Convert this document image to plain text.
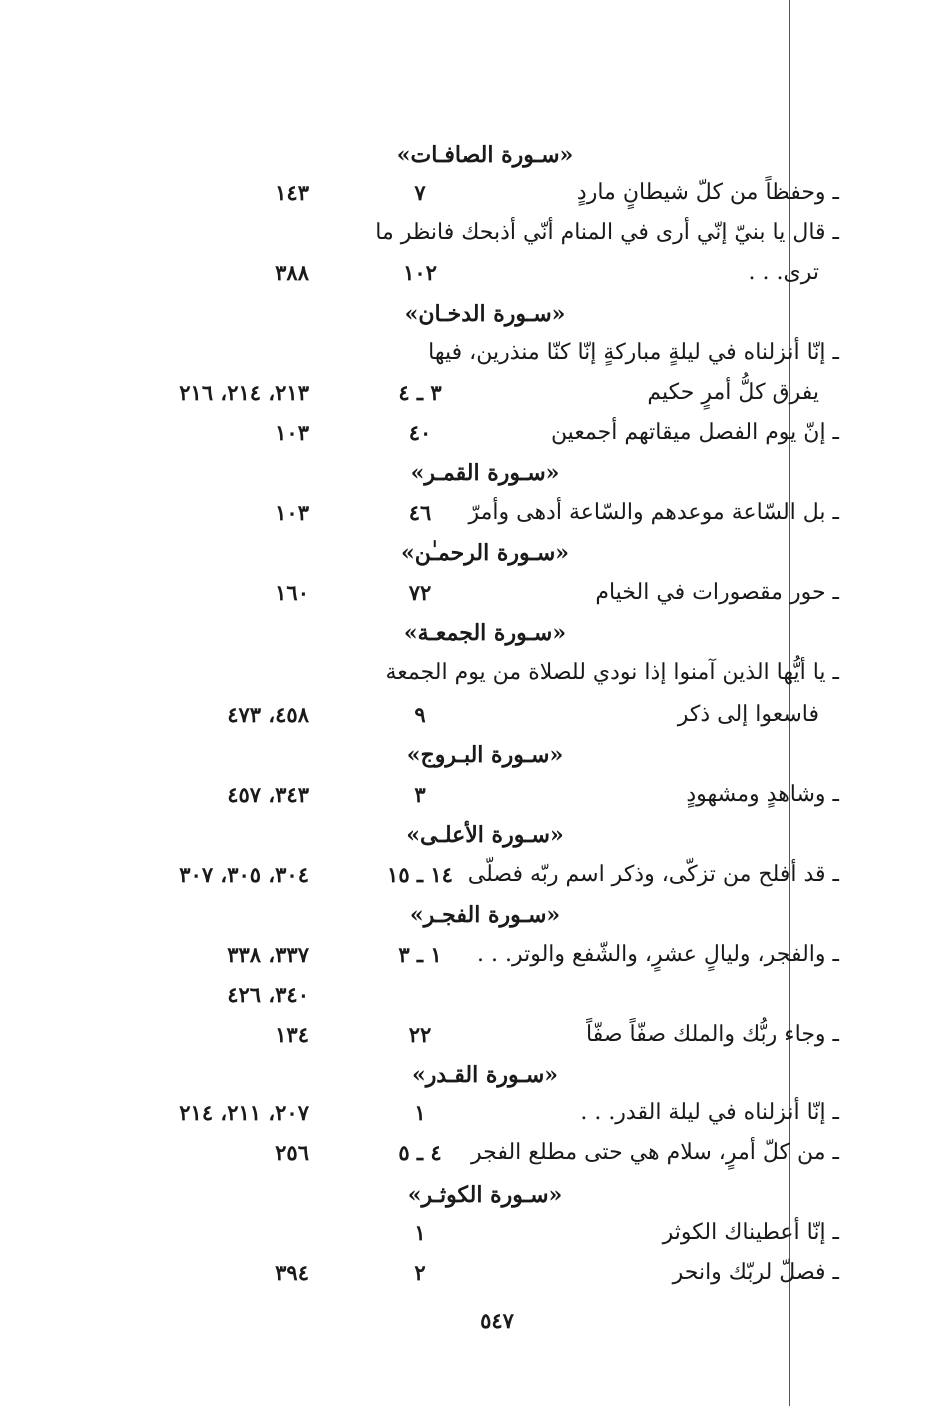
«سـورة الصافـات»
«سـورة الدخـان»
«سـورة القمـر»
«سـورة الرحمـٰن»
«سـورة الجمعـة»
«سـورة البـروج»
«سـورة الأعلـى»
«سـورة الفجـر»
«سـورة القـدر»
«سـورة الكوثـر»
ـ وحفظاً من كلّ شيطانٍ ماردٍ
٧
١٤٣
ـ قال يا بنيّ إنّي أرى في المنام أنّي أذبحك فانظر ما
ترى. . .
١٠٢
٣٨٨
ـ إنّا أنزلناه في ليلةٍ مباركةٍ إنّا كنّا منذرين، فيها
يفرق كلُّ أمرٍ حكيم
٣ ـ ٤
٢١٣، ٢١٤، ٢١٦
ـ إنّ يوم الفصل ميقاتهم أجمعين
٤٠
١٠٣
ـ بل السّاعة موعدهم والسّاعة أدهى وأمرّ
٤٦
١٠٣
ـ حور مقصورات في الخيام
٧٢
١٦٠
ـ يا أيُّها الذين آمنوا إذا نودي للصلاة من يوم الجمعة
فاسعوا إلى ذكر
٩
٤٥٨، ٤٧٣
ـ وشاهدٍ ومشهودٍ
٣
٣٤٣، ٤٥٧
ـ قد أفلح من تزكّى، وذكر اسم ربّه فصلّى
١٤ ـ ١٥
٣٠٤، ٣٠٥، ٣٠٧
ـ والفجر، وليالٍ عشرٍ، والشّفع والوتر. . .
١ ـ ٣
٣٣٧، ٣٣٨
٣٤٠، ٤٢٦
ـ وجاء ربُّك والملك صفّاً صفّاً
٢٢
١٣٤
ـ إنّا أنزلناه في ليلة القدر. . .
١
٢٠٧، ٢١١، ٢١٤
ـ من كلّ أمرٍ، سلام هي حتى مطلع الفجر
٤ ـ ٥
٢٥٦
ـ إنّا أعطيناك الكوثر
١
ـ فصلّ لربّك وانحر
٢
٣٩٤
٥٤٧
